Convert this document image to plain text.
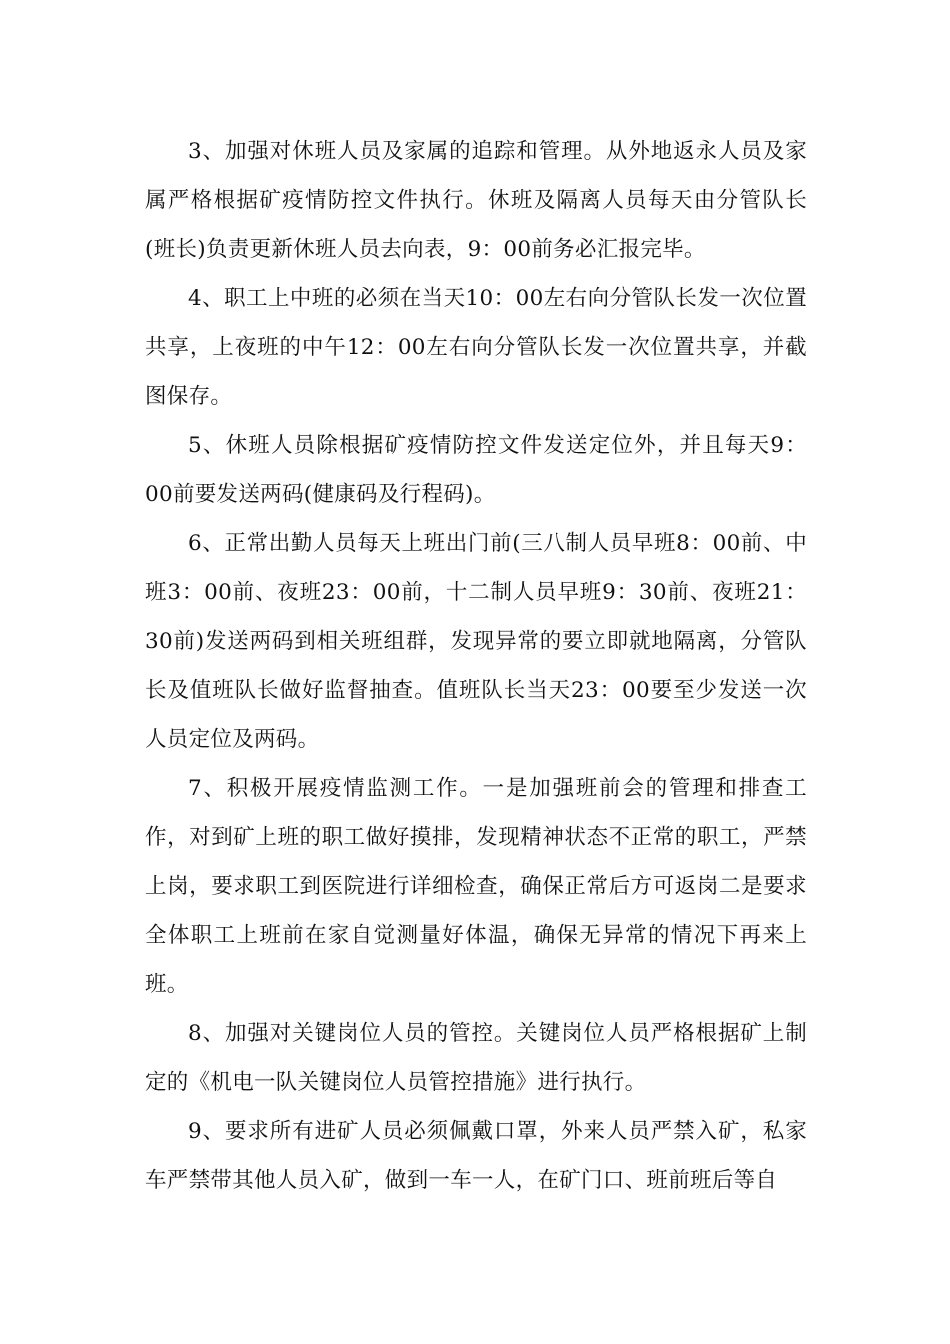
3、加强对休班人员及家属的追踪和管理。从外地返永人员及家属严格根据矿疫情防控文件执行。休班及隔离人员每天由分管队长(班长)负责更新休班人员去向表，9：00前务必汇报完毕。

4、职工上中班的必须在当天10：00左右向分管队长发一次位置共享，上夜班的中午12：00左右向分管队长发一次位置共享，并截图保存。

5、休班人员除根据矿疫情防控文件发送定位外，并且每天9：00前要发送两码(健康码及行程码)。

6、正常出勤人员每天上班出门前(三八制人员早班8：00前、中班3：00前、夜班23：00前，十二制人员早班9：30前、夜班21：30前)发送两码到相关班组群，发现异常的要立即就地隔离，分管队长及值班队长做好监督抽查。值班队长当天23：00要至少发送一次人员定位及两码。

7、积极开展疫情监测工作。一是加强班前会的管理和排查工作，对到矿上班的职工做好摸排，发现精神状态不正常的职工，严禁上岗，要求职工到医院进行详细检查，确保正常后方可返岗二是要求全体职工上班前在家自觉测量好体温，确保无异常的情况下再来上班。

8、加强对关键岗位人员的管控。关键岗位人员严格根据矿上制定的《机电一队关键岗位人员管控措施》进行执行。

9、要求所有进矿人员必须佩戴口罩，外来人员严禁入矿，私家车严禁带其他人员入矿，做到一车一人，在矿门口、班前班后等自
